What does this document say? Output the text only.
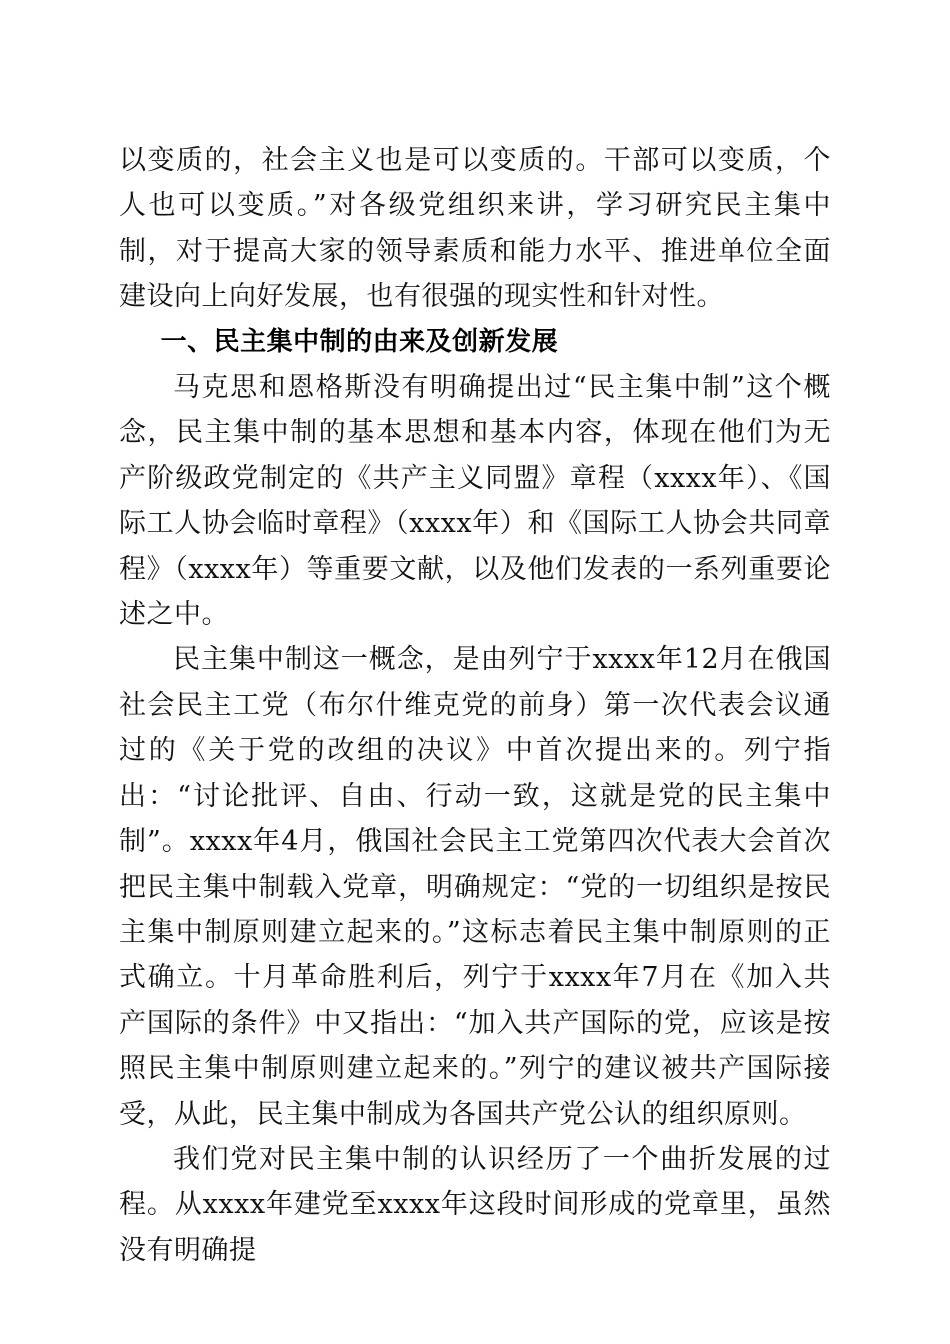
以变质的，社会主义也是可以变质的。干部可以变质，个人也可以变质。”对各级党组织来讲，学习研究民主集中制，对于提高大家的领导素质和能力水平、推进单位全面建设向上向好发展，也有很强的现实性和针对性。

一、民主集中制的由来及创新发展

马克思和恩格斯没有明确提出过“民主集中制”这个概念，民主集中制的基本思想和基本内容，体现在他们为无产阶级政党制定的《共产主义同盟》章程（xxxx年）、《国际工人协会临时章程》（xxxx年）和《国际工人协会共同章程》（xxxx年）等重要文献，以及他们发表的一系列重要论述之中。

民主集中制这一概念，是由列宁于xxxx年12月在俄国社会民主工党（布尔什维克党的前身）第一次代表会议通过的《关于党的改组的决议》中首次提出来的。列宁指出：“讨论批评、自由、行动一致，这就是党的民主集中制”。xxxx年4月，俄国社会民主工党第四次代表大会首次把民主集中制载入党章，明确规定：“党的一切组织是按民主集中制原则建立起来的。”这标志着民主集中制原则的正式确立。十月革命胜利后，列宁于xxxx年7月在《加入共产国际的条件》中又指出：“加入共产国际的党，应该是按照民主集中制原则建立起来的。”列宁的建议被共产国际接受，从此，民主集中制成为各国共产党公认的组织原则。

我们党对民主集中制的认识经历了一个曲折发展的过程。从xxxx年建党至xxxx年这段时间形成的党章里，虽然没有明确提
